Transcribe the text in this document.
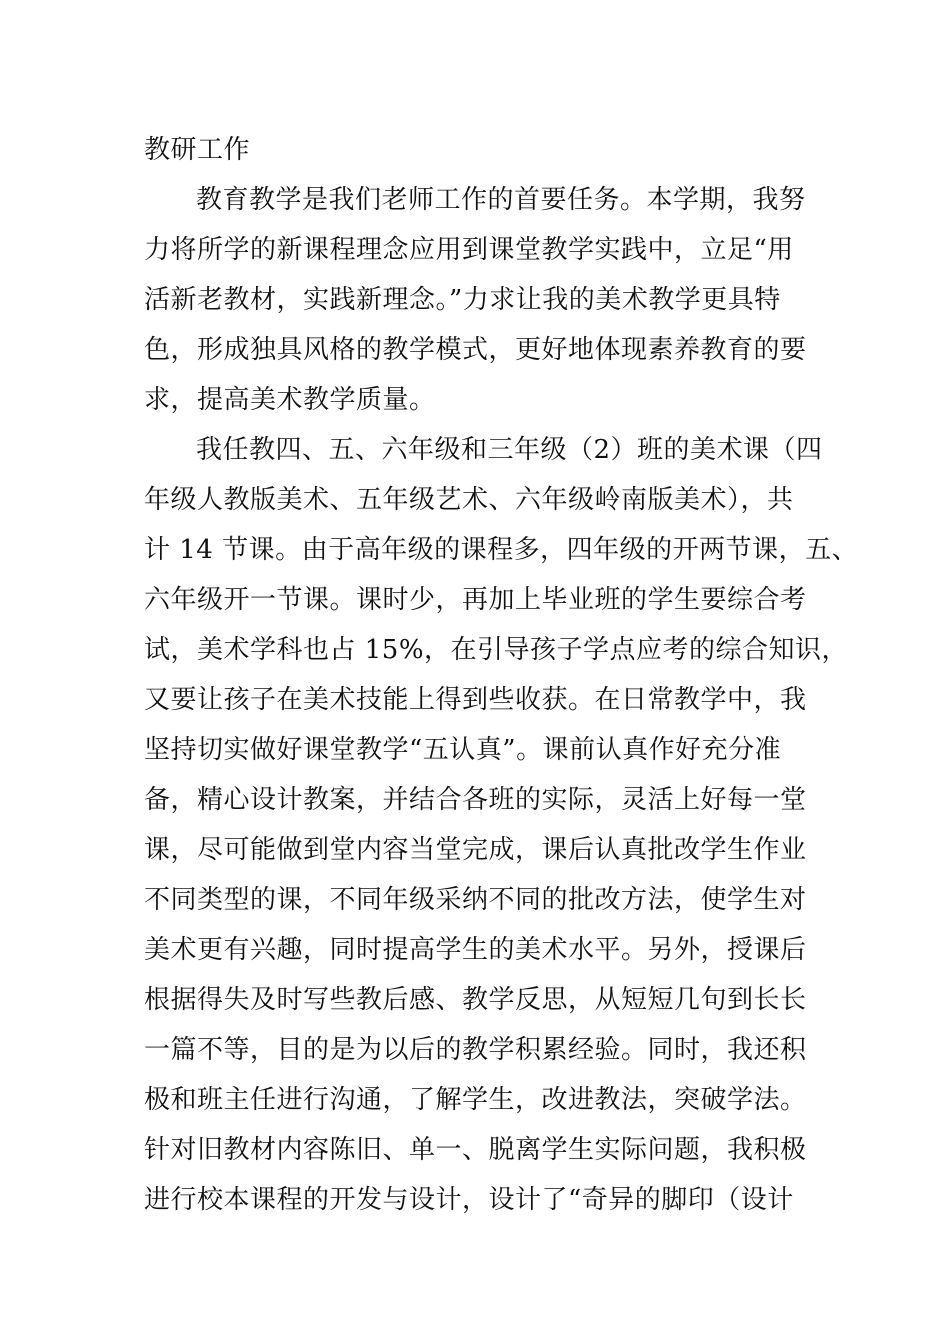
教研工作
教育教学是我们老师工作的首要任务。本学期，我努
力将所学的新课程理念应用到课堂教学实践中，立足“用
活新老教材，实践新理念。”力求让我的美术教学更具特
色，形成独具风格的教学模式，更好地体现素养教育的要
求，提高美术教学质量。
我任教四、五、六年级和三年级（2）班的美术课（四
年级人教版美术、五年级艺术、六年级岭南版美术），共
计 14 节课。由于高年级的课程多，四年级的开两节课，五、
六年级开一节课。课时少，再加上毕业班的学生要综合考
试，美术学科也占 15%，在引导孩子学点应考的综合知识，
又要让孩子在美术技能上得到些收获。在日常教学中，我
坚持切实做好课堂教学“五认真”。课前认真作好充分准
备，精心设计教案，并结合各班的实际，灵活上好每一堂
课，尽可能做到堂内容当堂完成，课后认真批改学生作业
不同类型的课，不同年级采纳不同的批改方法，使学生对
美术更有兴趣，同时提高学生的美术水平。另外，授课后
根据得失及时写些教后感、教学反思，从短短几句到长长
一篇不等，目的是为以后的教学积累经验。同时，我还积
极和班主任进行沟通，了解学生，改进教法，突破学法。
针对旧教材内容陈旧、单一、脱离学生实际问题，我积极
进行校本课程的开发与设计，设计了“奇异的脚印（设计
